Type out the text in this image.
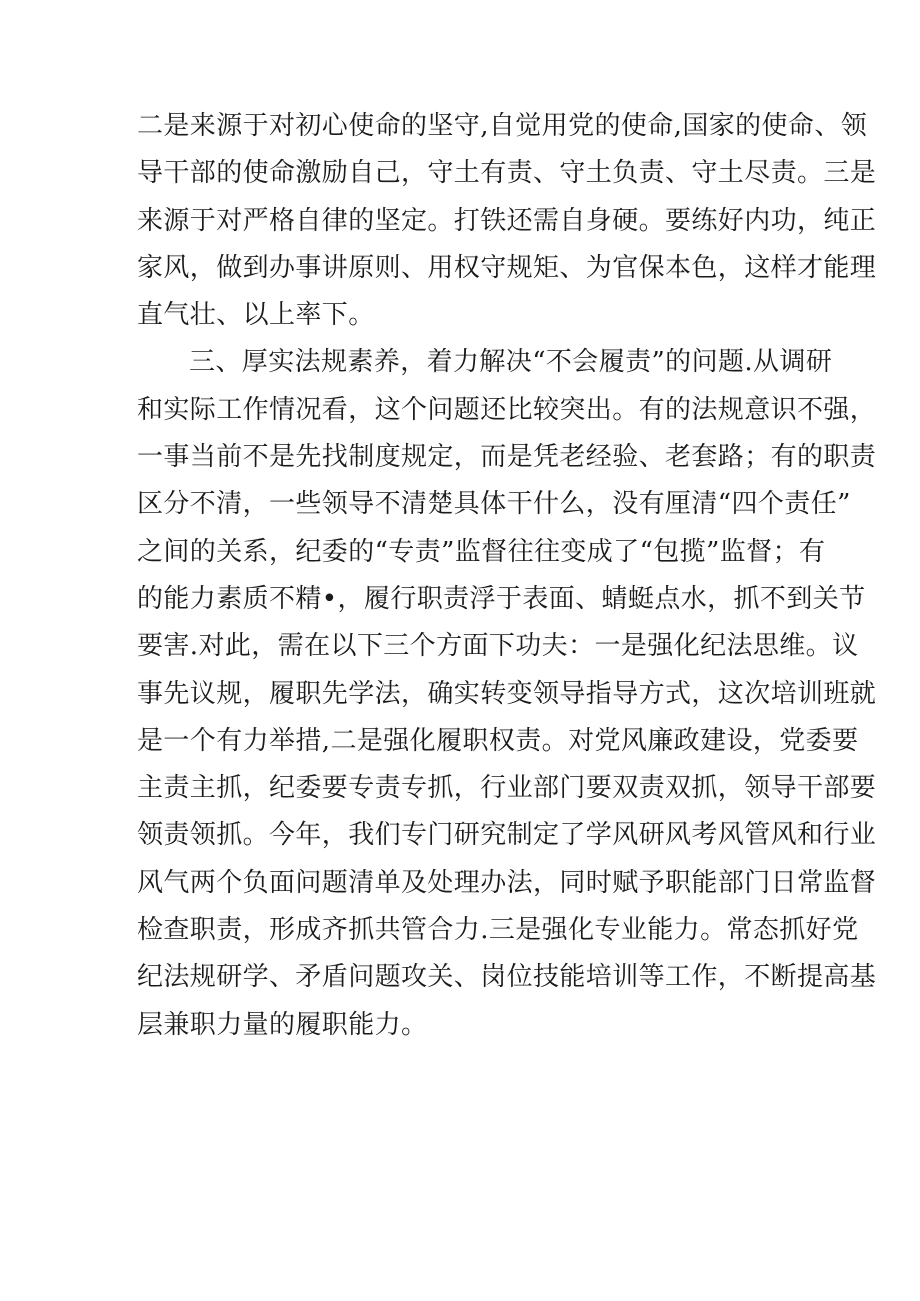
二是来源于对初心使命的坚守,自觉用党的使命,国家的使命、领
导干部的使命激励自己，守土有责、守土负责、守土尽责。三是
来源于对严格自律的坚定。打铁还需自身硬。要练好内功，纯正
家风，做到办事讲原则、用权守规矩、为官保本色，这样才能理
直气壮、以上率下。
三、厚实法规素养，着力解决“不会履责”的问题.从调研
和实际工作情况看，这个问题还比较突出。有的法规意识不强，
一事当前不是先找制度规定，而是凭老经验、老套路；有的职责
区分不清，一些领导不清楚具体干什么，没有厘清“四个责任”
之间的关系，纪委的“专责”监督往往变成了“包揽”监督；有
的能力素质不精•，履行职责浮于表面、蜻蜓点水，抓不到关节
要害.对此，需在以下三个方面下功夫：一是强化纪法思维。议
事先议规，履职先学法，确实转变领导指导方式，这次培训班就
是一个有力举措,二是强化履职权责。对党风廉政建设，党委要
主责主抓，纪委要专责专抓，行业部门要双责双抓，领导干部要
领责领抓。今年，我们专门研究制定了学风研风考风管风和行业
风气两个负面问题清单及处理办法，同时赋予职能部门日常监督
检查职责，形成齐抓共管合力.三是强化专业能力。常态抓好党
纪法规研学、矛盾问题攻关、岗位技能培训等工作，不断提高基
层兼职力量的履职能力。
